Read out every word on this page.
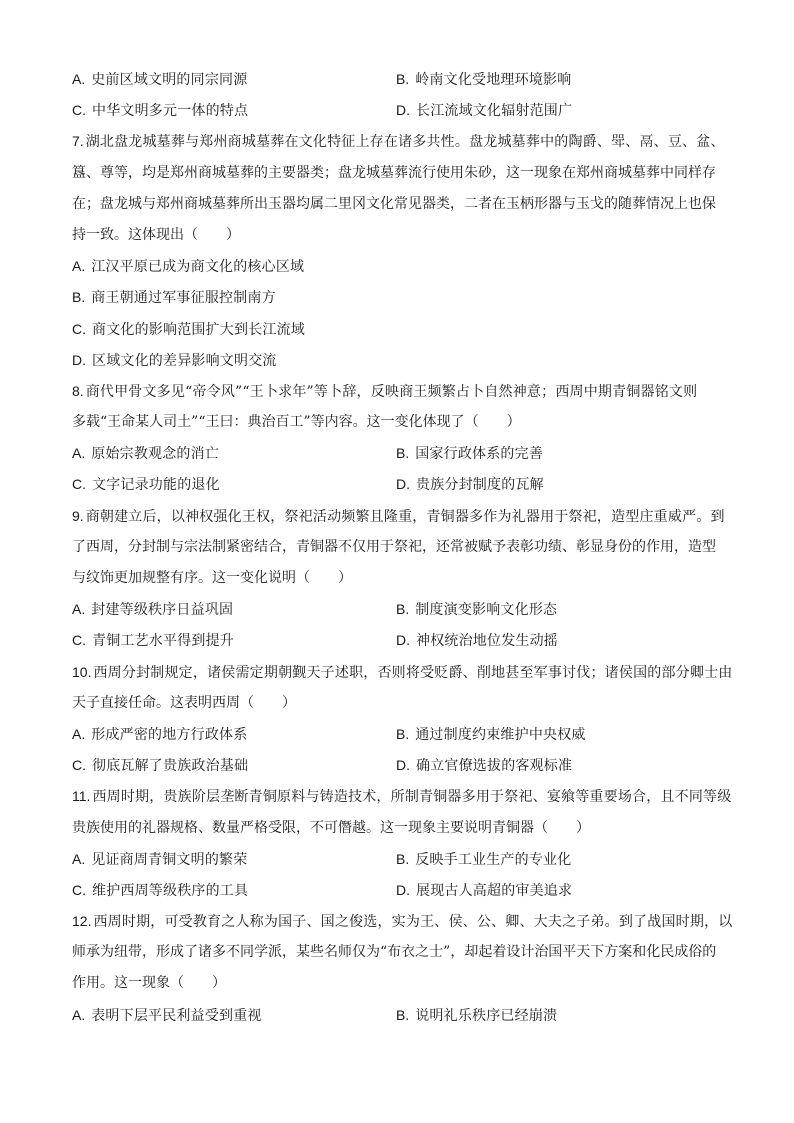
A. 史前区域文明的同宗同源	B. 岭南文化受地理环境影响
C. 中华文明多元一体的特点	D. 长江流域文化辐射范围广
7. 湖北盘龙城墓葬与郑州商城墓葬在文化特征上存在诸多共性。盘龙城墓葬中的陶爵、斝、鬲、豆、盆、
簋、尊等，均是郑州商城墓葬的主要器类；盘龙城墓葬流行使用朱砂，这一现象在郑州商城墓葬中同样存
在；盘龙城与郑州商城墓葬所出玉器均属二里冈文化常见器类，二者在玉柄形器与玉戈的随葬情况上也保
持一致。这体现出（　　）
A. 江汉平原已成为商文化的核心区域
B. 商王朝通过军事征服控制南方
C. 商文化的影响范围扩大到长江流域
D. 区域文化的差异影响文明交流
8. 商代甲骨文多见“帝令风”“王卜求年”等卜辞，反映商王频繁占卜自然神意；西周中期青铜器铭文则
多载“王命某人司土”“王曰：典治百工”等内容。这一变化体现了（　　）
A. 原始宗教观念的消亡	B. 国家行政体系的完善
C. 文字记录功能的退化	D. 贵族分封制度的瓦解
9. 商朝建立后，以神权强化王权，祭祀活动频繁且隆重，青铜器多作为礼器用于祭祀，造型庄重威严。到
了西周，分封制与宗法制紧密结合，青铜器不仅用于祭祀，还常被赋予表彰功绩、彰显身份的作用，造型
与纹饰更加规整有序。这一变化说明（　　）
A. 封建等级秩序日益巩固	B. 制度演变影响文化形态
C. 青铜工艺水平得到提升	D. 神权统治地位发生动摇
10. 西周分封制规定，诸侯需定期朝觐天子述职，否则将受贬爵、削地甚至军事讨伐；诸侯国的部分卿士由
天子直接任命。这表明西周（　　）
A. 形成严密的地方行政体系	B. 通过制度约束维护中央权威
C. 彻底瓦解了贵族政治基础	D. 确立官僚选拔的客观标准
11. 西周时期，贵族阶层垄断青铜原料与铸造技术，所制青铜器多用于祭祀、宴飨等重要场合，且不同等级
贵族使用的礼器规格、数量严格受限，不可僭越。这一现象主要说明青铜器（　　）
A. 见证商周青铜文明的繁荣	B. 反映手工业生产的专业化
C. 维护西周等级秩序的工具	D. 展现古人高超的审美追求
12. 西周时期，可受教育之人称为国子、国之俊选，实为王、侯、公、卿、大夫之子弟。到了战国时期，以
师承为纽带，形成了诸多不同学派，某些名师仅为“布衣之士”，却起着设计治国平天下方案和化民成俗的
作用。这一现象（　　）
A. 表明下层平民利益受到重视	B. 说明礼乐秩序已经崩溃
